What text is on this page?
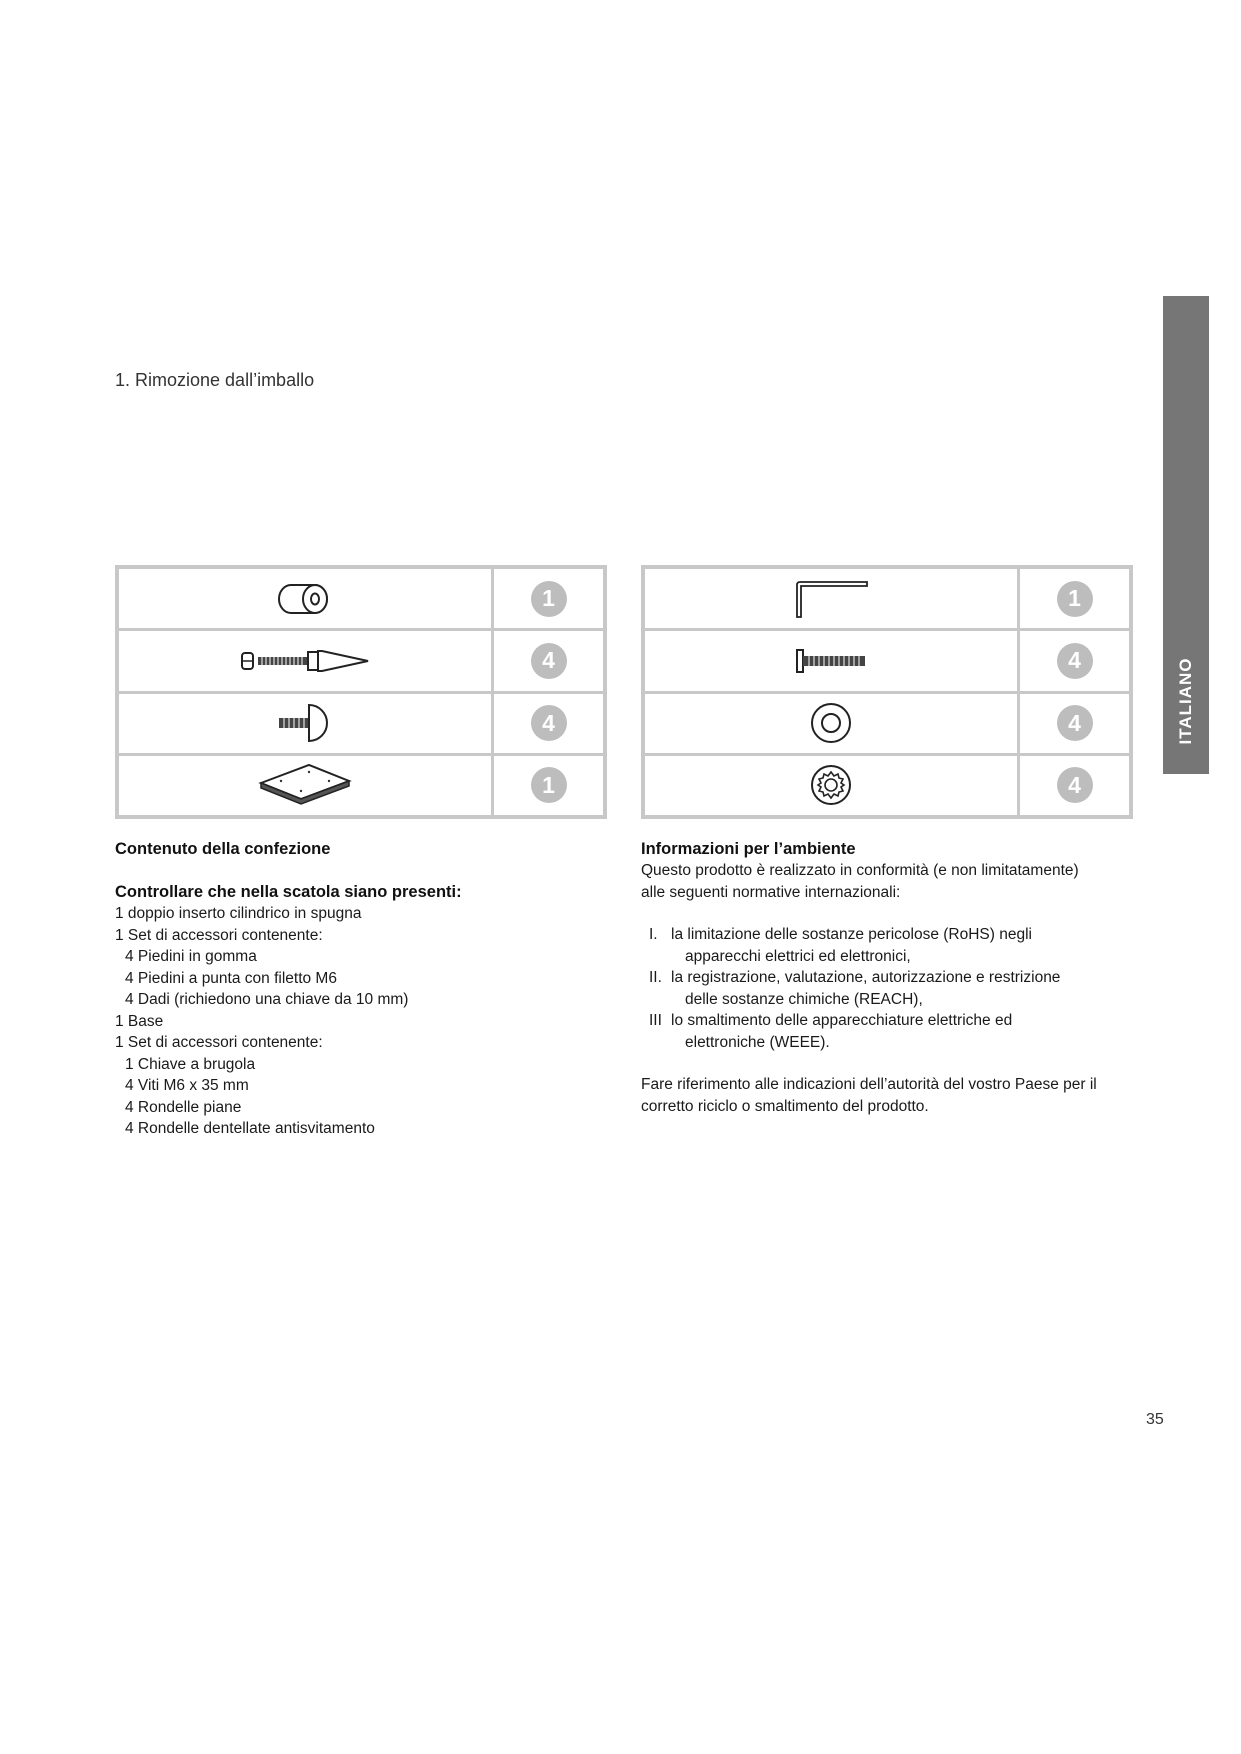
1. Rimozione dall’imballo
ITALIANO
1
4
4
1
1
4
4
4
Contenuto della confezione
Controllare che nella scatola siano presenti:

1 doppio inserto cilindrico in spugna

1 Set di accessori contenente:

4 Piedini in gomma

4 Piedini a punta con filetto M6

4 Dadi (richiedono una chiave da 10 mm)

1 Base

1 Set di accessori contenente:

1 Chiave a brugola

4 Viti M6 x 35 mm

4 Rondelle piane

4 Rondelle dentellate antisvitamento

Informazioni per l’ambiente

Questo prodotto è realizzato in conformità (e non limitatamente)

alle seguenti normative internazionali:

I. la limitazione delle sostanze pericolose (RoHS) negli

apparecchi elettrici ed elettronici,

II. la registrazione, valutazione, autorizzazione e restrizione

delle sostanze chimiche (REACH),

III lo smaltimento delle apparecchiature elettriche ed

elettroniche (WEEE).

Fare riferimento alle indicazioni dell’autorità del vostro Paese per il

corretto riciclo o smaltimento del prodotto.

35
